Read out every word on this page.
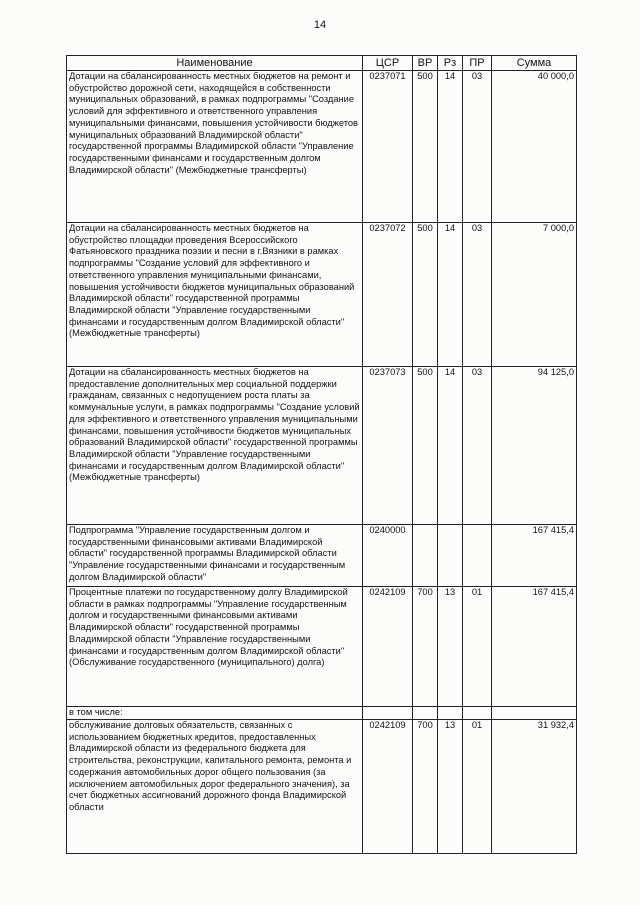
14
Наименование	ЦСР	ВР	Рз	ПР	Сумма
Дотации на сбалансированность местных бюджетов на ремонт и обустройство дорожной сети, находящейся в собственности муниципальных образований, в рамках подпрограммы "Создание условий для эффективного и ответственного управления муниципальными финансами, повышения устойчивости бюджетов муниципальных образований Владимирской области" государственной программы Владимирской области "Управление государственными финансами и государственным долгом Владимирской области" (Межбюджетные трансферты)	0237071	500	14	03	40 000,0
Дотации на сбалансированность местных бюджетов на обустройство площадки проведения Всероссийского Фатьяновского праздника поэзии и песни в г.Вязники в рамках подпрограммы "Создание условий для эффективного и ответственного управления муниципальными финансами, повышения устойчивости бюджетов муниципальных образований Владимирской области" государственной программы Владимирской области "Управление государственными финансами и государственным долгом Владимирской области" (Межбюджетные трансферты)	0237072	500	14	03	7 000,0
Дотации на сбалансированность местных бюджетов на предоставление дополнительных мер социальной поддержки гражданам, связанных с недопущением роста платы за коммунальные услуги, в рамках подпрограммы "Создание условий для эффективного и ответственного управления муниципальными финансами, повышения устойчивости бюджетов муниципальных образований Владимирской области" государственной программы Владимирской области "Управление государственными финансами и государственным долгом Владимирской области" (Межбюджетные трансферты)	0237073	500	14	03	94 125,0
Подпрограмма "Управление государственным долгом и государственными финансовыми активами Владимирской области" государственной программы Владимирской области "Управление государственными финансами и государственным долгом Владимирской области"	0240000				167 415,4
Процентные платежи по государственному долгу Владимирской области в рамках подпрограммы "Управление государственным долгом и государственными финансовыми активами Владимирской области" государственной программы Владимирской области "Управление государственными финансами и государственным долгом Владимирской области" (Обслуживание государственного (муниципального) долга)	0242109	700	13	01	167 415,4
в том числе:					
обслуживание долговых обязательств, связанных с использованием бюджетных кредитов, предоставленных Владимирской области из федерального бюджета для строительства, реконструкции, капитального ремонта, ремонта и содержания автомобильных дорог общего пользования (за исключением автомобильных дорог федерального значения), за счет бюджетных ассигнований дорожного фонда Владимирской области	0242109	700	13	01	31 932,4
